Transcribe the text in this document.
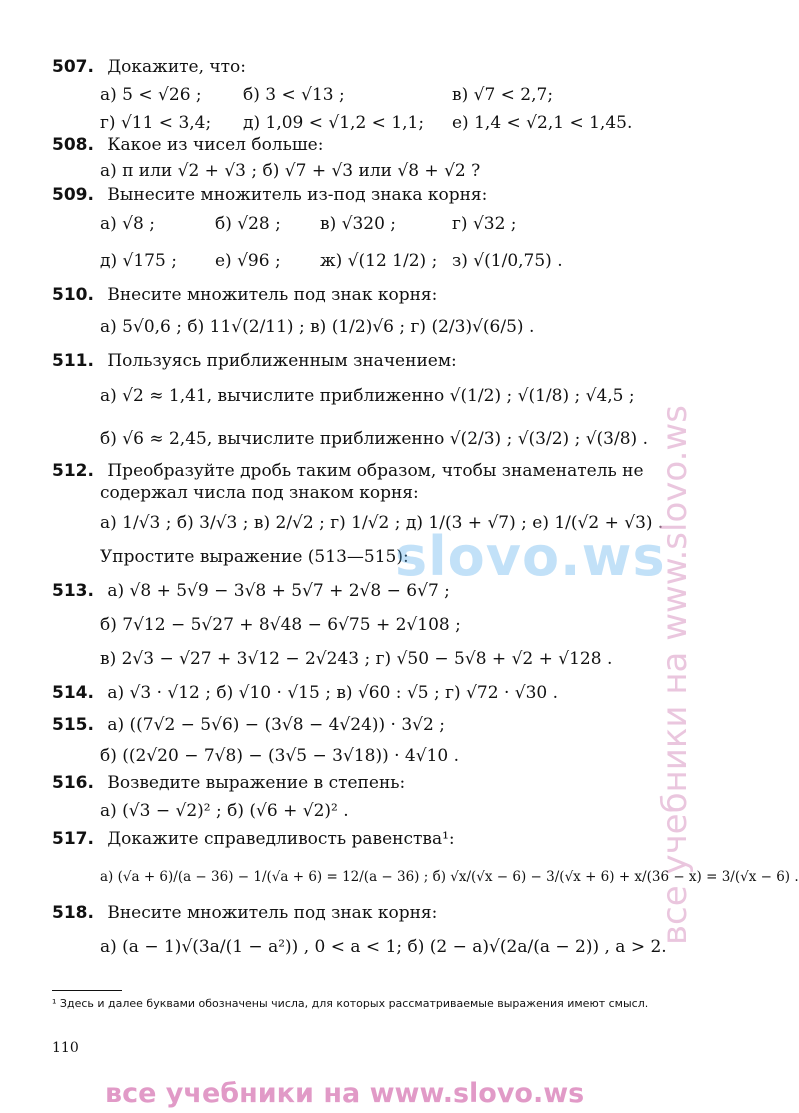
507. Докажите, что:
а) 5 < √26 ; б) 3 < √13 ;	в) √7 < 2,7;
г) √11 < 3,4; д) 1,09 < √1,2 < 1,1; е) 1,4 < √2,1 < 1,45.
508. Какое из чисел больше:
а) π или √2 + √3 ; б) √7 + √3 или √8 + √2 ?
509. Вынесите множитель из-под знака корня:
а) √8 ;	б) √28 ; в) √320 ;	г) √32 ;
д) √175 ; е) √96 ; ж) √(12 1/2) ; з) √(1/0,75) .
510. Внесите множитель под знак корня:
а) 5√0,6 ; б) 11√(2/11) ; в) (1/2)√6 ; г) (2/3)√(6/5) .
511. Пользуясь приближенным значением:
а) √2 ≈ 1,41, вычислите приближенно √(1/2) ; √(1/8) ; √4,5 ;
б) √6 ≈ 2,45, вычислите приближенно √(2/3) ; √(3/2) ; √(3/8) .
512. Преобразуйте дробь таким образом, чтобы знаменатель не
содержал числа под знаком корня:
а) 1/√3 ; б) 3/√3 ; в) 2/√2 ; г) 1/√2 ; д) 1/(3 + √7) ; е) 1/(√2 + √3) .
Упростите выражение (513—515):
513. а) √8 + 5√9 − 3√8 + 5√7 + 2√8 − 6√7 ;
б) 7√12 − 5√27 + 8√48 − 6√75 + 2√108 ;
в) 2√3 − √27 + 3√12 − 2√243 ; г) √50 − 5√8 + √2 + √128 .
514. а) √3 · √12 ; б) √10 · √15 ; в) √60 : √5 ; г) √72 · √30 .
515. а) ((7√2 − 5√6) − (3√8 − 4√24)) · 3√2 ;
б) ((2√20 − 7√8) − (3√5 − 3√18)) · 4√10 .
516. Возведите выражение в степень:
а) (√3 − √2)² ; б) (√6 + √2)² .
517. Докажите справедливость равенства¹:
а) (√a + 6)/(a − 36) − 1/(√a + 6) = 12/(a − 36) ; б) √x/(√x − 6) − 3/(√x + 6) + x/(36 − x) = 3/(√x − 6) .
518. Внесите множитель под знак корня:
а) (a − 1)√(3a/(1 − a²)) , 0 < a < 1; б) (2 − a)√(2a/(a − 2)) , a > 2.
¹ Здесь и далее буквами обозначены числа, для которых рассматриваемые выражения имеют смысл.
110
slovo.ws
все учебники на www.slovo.ws
все учебники на www.slovo.ws
